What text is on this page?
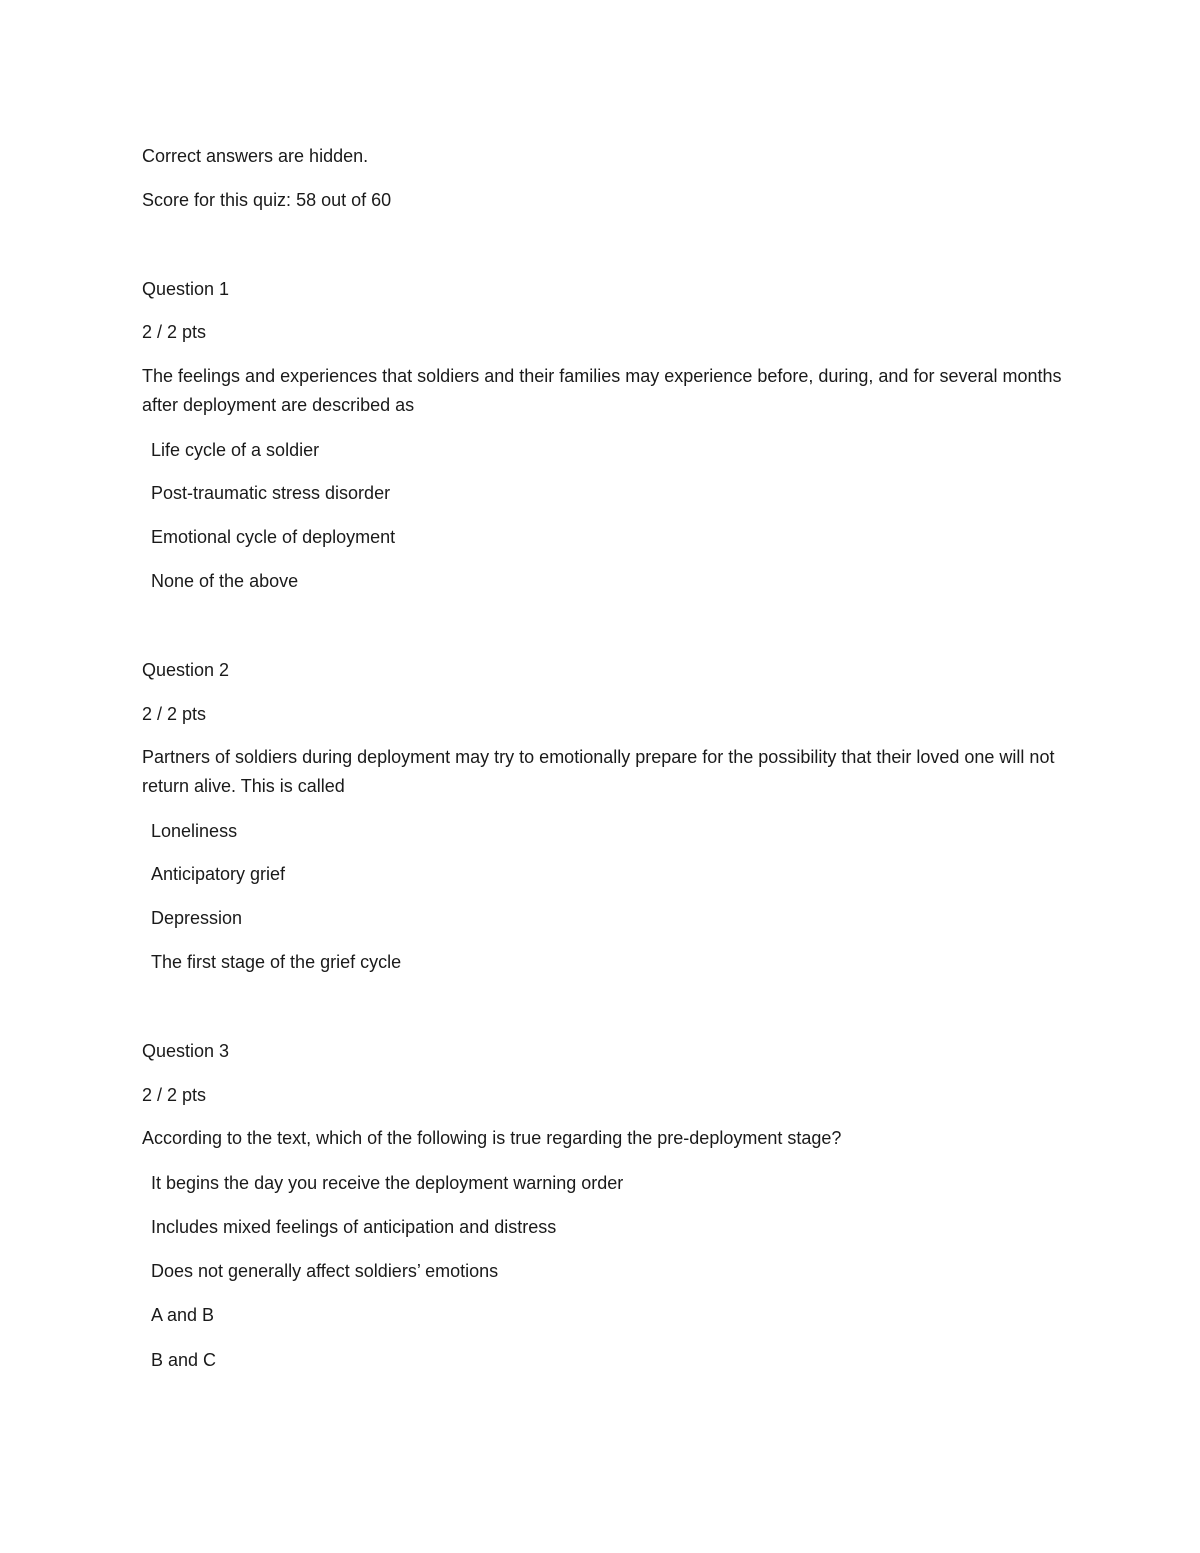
Correct answers are hidden.
Score for this quiz: 58 out of 60
Question 1
2 / 2 pts
The feelings and experiences that soldiers and their families may experience before, during, and for several months after deployment are described as
Life cycle of a soldier
Post-traumatic stress disorder
Emotional cycle of deployment
None of the above
Question 2
2 / 2 pts
Partners of soldiers during deployment may try to emotionally prepare for the possibility that their loved one will not return alive. This is called
Loneliness
Anticipatory grief
Depression
The first stage of the grief cycle
Question 3
2 / 2 pts
According to the text, which of the following is true regarding the pre-deployment stage?
It begins the day you receive the deployment warning order
Includes mixed feelings of anticipation and distress
Does not generally affect soldiers’ emotions
A and B
B and C
